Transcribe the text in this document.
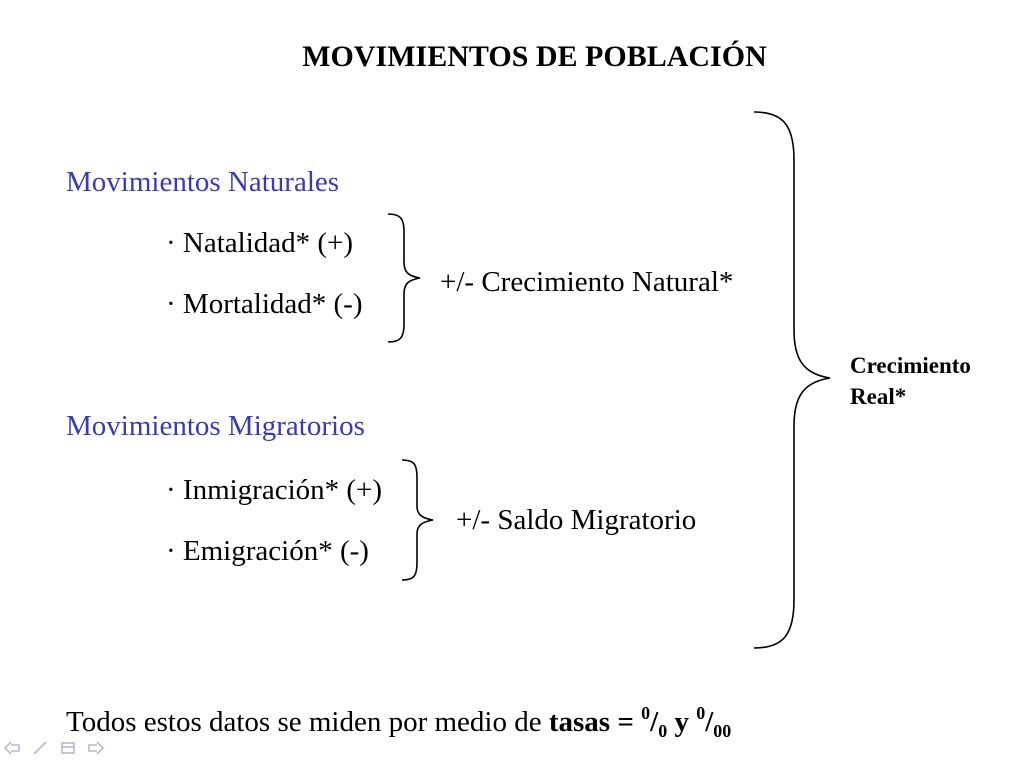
MOVIMIENTOS DE POBLACIÓN
Movimientos Naturales
· Natalidad* (+)
· Mortalidad* (-)
+/- Crecimiento Natural*
Movimientos Migratorios
· Inmigración* (+)
· Emigración* (-)
+/- Saldo Migratorio
Crecimiento
Real*
Todos estos datos se miden por medio de tasas = $^0/_0$ y $^0/_{00}$
